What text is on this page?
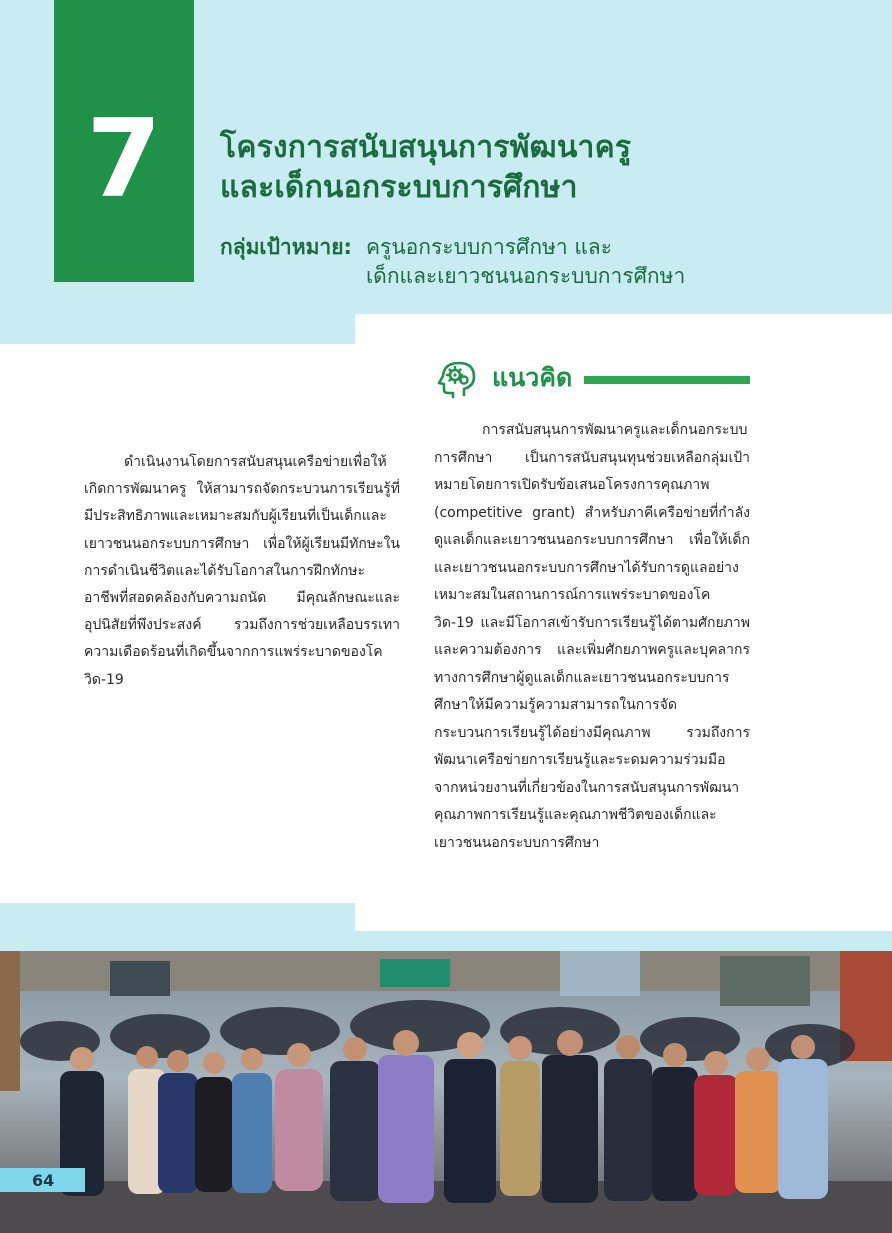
7 โครงการสนับสนุนการพัฒนาครู
และเด็กนอกระบบการศึกษา
กลุ่มเป้าหมาย: ครูนอกระบบการศึกษา และ
เด็กและเยาวชนนอกระบบการศึกษา
แนวคิด
ดำเนินงานโดยการสนับสนุนเครือข่ายเพื่อให้เกิดการพัฒนาครู ให้สามารถจัดกระบวนการเรียนรู้ที่มีประสิทธิภาพและเหมาะสมกับผู้เรียนที่เป็นเด็กและเยาวชนนอกระบบการศึกษา เพื่อให้ผู้เรียนมีทักษะในการดำเนินชีวิตและได้รับโอกาสในการฝึกทักษะอาชีพที่สอดคล้องกับความถนัด มีคุณลักษณะและอุปนิสัยที่พึงประสงค์ รวมถึงการช่วยเหลือบรรเทาความเดือดร้อนที่เกิดขึ้นจากการแพร่ระบาดของโควิด-19
การสนับสนุนการพัฒนาครูและเด็กนอกระบบการศึกษา เป็นการสนับสนุนทุนช่วยเหลือกลุ่มเป้าหมายโดยการเปิดรับข้อเสนอโครงการคุณภาพ (competitive grant) สำหรับภาคีเครือข่ายที่กำลังดูแลเด็กและเยาวชนนอกระบบการศึกษา เพื่อให้เด็กและเยาวชนนอกระบบการศึกษาได้รับการดูแลอย่างเหมาะสมในสถานการณ์การแพร่ระบาดของโควิด-19 และมีโอกาสเข้ารับการเรียนรู้ได้ตามศักยภาพและความต้องการ และเพิ่มศักยภาพครูและบุคลากรทางการศึกษาผู้ดูแลเด็กและเยาวชนนอกระบบการศึกษาให้มีความรู้ความสามารถในการจัดกระบวนการเรียนรู้ได้อย่างมีคุณภาพ รวมถึงการพัฒนาเครือข่ายการเรียนรู้และระดมความร่วมมือจากหน่วยงานที่เกี่ยวข้องในการสนับสนุนการพัฒนาคุณภาพการเรียนรู้และคุณภาพชีวิตของเด็กและเยาวชนนอกระบบการศึกษา
64
